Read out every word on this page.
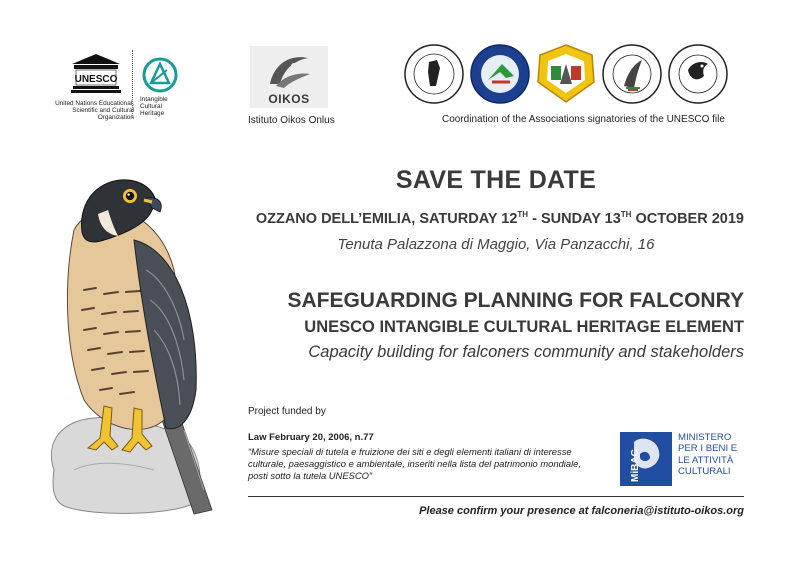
UNESCO
United Nations Educational, Scientific and Cultural Organization
Intangible Cultural Heritage
OIKOS
Istituto Oikos Onlus	Coordination of the Associations signatories of the UNESCO file
SAVE THE DATE
OZZANO DELL’EMILIA, SATURDAY 12TH - SUNDAY 13TH OCTOBER 2019
Tenuta Palazzona di Maggio, Via Panzacchi, 16
SAFEGUARDING PLANNING FOR FALCONRY
UNESCO INTANGIBLE CULTURAL HERITAGE ELEMENT
Capacity building for falconers community and stakeholders
Project funded by
Law February 20, 2006, n.77
“Misure speciali di tutela e fruizione dei siti e degli elementi italiani di interesse culturale, paesaggistico e ambientale, inseriti nella lista del patrimonio mondiale, posti sotto la tutela UNESCO”	MiBAC
MINISTERO
PER I BENI E
LE ATTIVITÀ
CULTURALI
Please confirm your presence at falconeria@istituto-oikos.org
